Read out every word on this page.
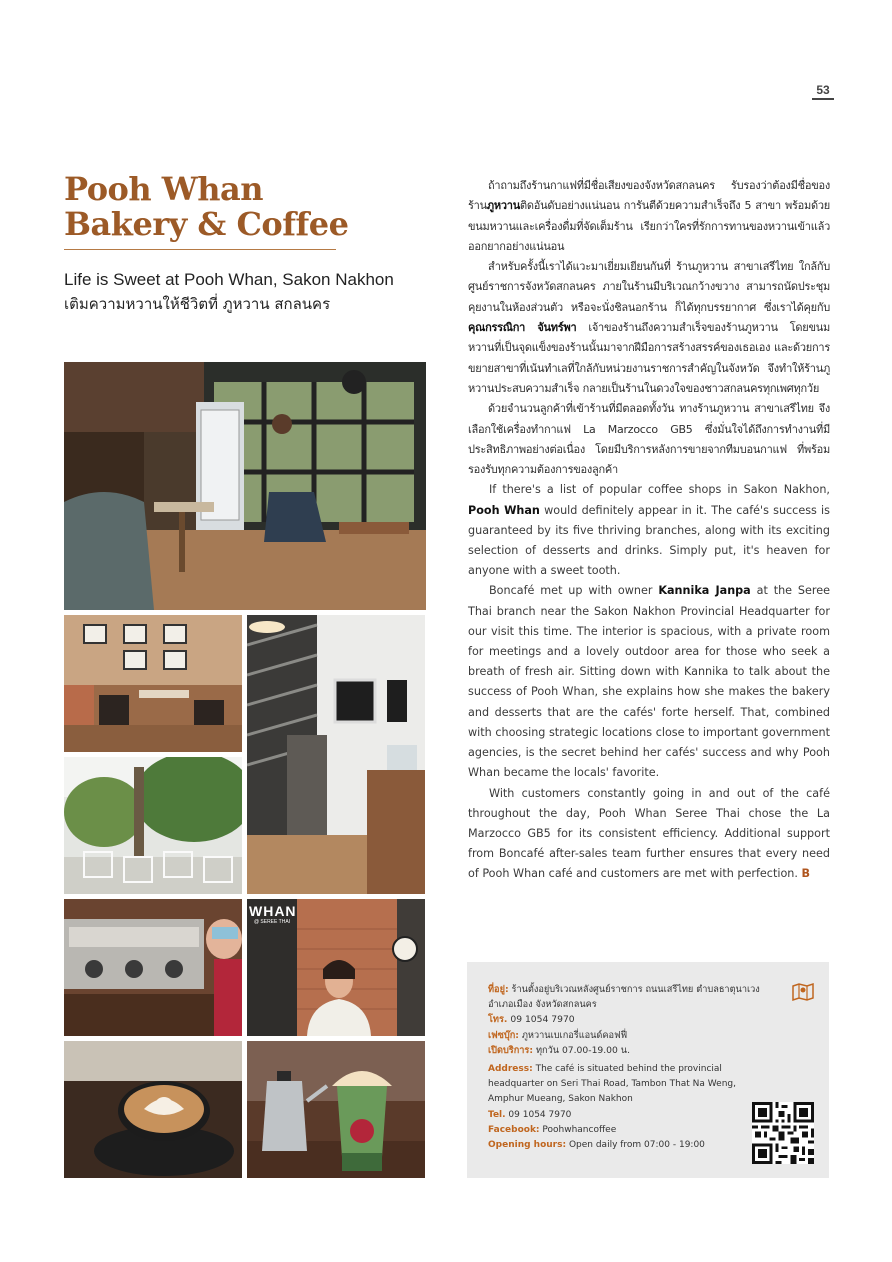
53
Pooh Whan
Bakery & Coffee
Life is Sweet at Pooh Whan, Sakon Nakhon
เติมความหวานให้ชีวิตที่ ภูหวาน สกลนคร
WHAN
@ SEREE THAI

ถ้าถามถึงร้านกาแฟที่มีชื่อเสียงของจังหวัดสกลนคร รับรองว่าต้องมีชื่อของร้านภูหวานติดอันดับอย่างแน่นอน การันตีด้วยความสำเร็จถึง 5 สาขา พร้อมด้วยขนมหวานและเครื่องดื่มที่จัดเต็มร้าน เรียกว่าใครที่รักการทานของหวานเข้าแล้วออกยากอย่างแน่นอน

สำหรับครั้งนี้เราได้แวะมาเยี่ยมเยียนกันที่ ร้านภูหวาน สาขาเสรีไทย ใกล้กับศูนย์ราชการจังหวัดสกลนคร ภายในร้านมีบริเวณกว้างขวาง สามารถนัดประชุมคุยงานในห้องส่วนตัว หรือจะนั่งชิลนอกร้าน ก็ได้ทุกบรรยากาศ ซึ่งเราได้คุยกับคุณกรรณิกา จันทร์พา เจ้าของร้านถึงความสำเร็จของร้านภูหวาน โดยขนมหวานที่เป็นจุดแข็งของร้านนั้นมาจากฝีมือการสร้างสรรค์ของเธอเอง และด้วยการขยายสาขาที่เน้นทำเลที่ใกล้กับหน่วยงานราชการสำคัญในจังหวัด จึงทำให้ร้านภูหวานประสบความสำเร็จ กลายเป็นร้านในดวงใจของชาวสกลนครทุกเพศทุกวัย

ด้วยจำนวนลูกค้าที่เข้าร้านที่มีตลอดทั้งวัน ทางร้านภูหวาน สาขาเสรีไทย จึงเลือกใช้เครื่องทำกาแฟ La Marzocco GB5 ซึ่งมั่นใจได้ถึงการทำงานที่มีประสิทธิภาพอย่างต่อเนื่อง โดยมีบริการหลังการขายจากทีมบอนกาแฟ ที่พร้อมรองรับทุกความต้องการของลูกค้า

If there's a list of popular coffee shops in Sakon Nakhon, Pooh Whan would definitely appear in it. The café's success is guaranteed by its five thriving branches, along with its exciting selection of desserts and drinks. Simply put, it's heaven for anyone with a sweet tooth.

Boncafé met up with owner Kannika Janpa at the Seree Thai branch near the Sakon Nakhon Provincial Headquarter for our visit this time. The interior is spacious, with a private room for meetings and a lovely outdoor area for those who seek a breath of fresh air. Sitting down with Kannika to talk about the success of Pooh Whan, she explains how she makes the bakery and desserts that are the cafés' forte herself. That, combined with choosing strategic locations close to important government agencies, is the secret behind her cafés' success and why Pooh Whan became the locals' favorite.

With customers constantly going in and out of the café throughout the day, Pooh Whan Seree Thai chose the La Marzocco GB5 for its consistent efficiency. Additional support from Boncafé after-sales team further ensures that every need of Pooh Whan café and customers are met with perfection. B

ที่อยู่: ร้านตั้งอยู่บริเวณหลังศูนย์ราชการ ถนนเสรีไทย ตำบลธาตุนาเวง อำเภอเมือง จังหวัดสกลนคร
โทร. 09 1054 7970
เฟซบุ๊ก: ภูหวานเบเกอรี่แอนด์คอฟฟี่
เปิดบริการ: ทุกวัน 07.00-19.00 น.
Address: The café is situated behind the provincial headquarter on Seri Thai Road, Tambon That Na Weng, Amphur Mueang, Sakon Nakhon
Tel. 09 1054 7970
Facebook: Poohwhancoffee
Opening hours: Open daily from 07:00 - 19:00
